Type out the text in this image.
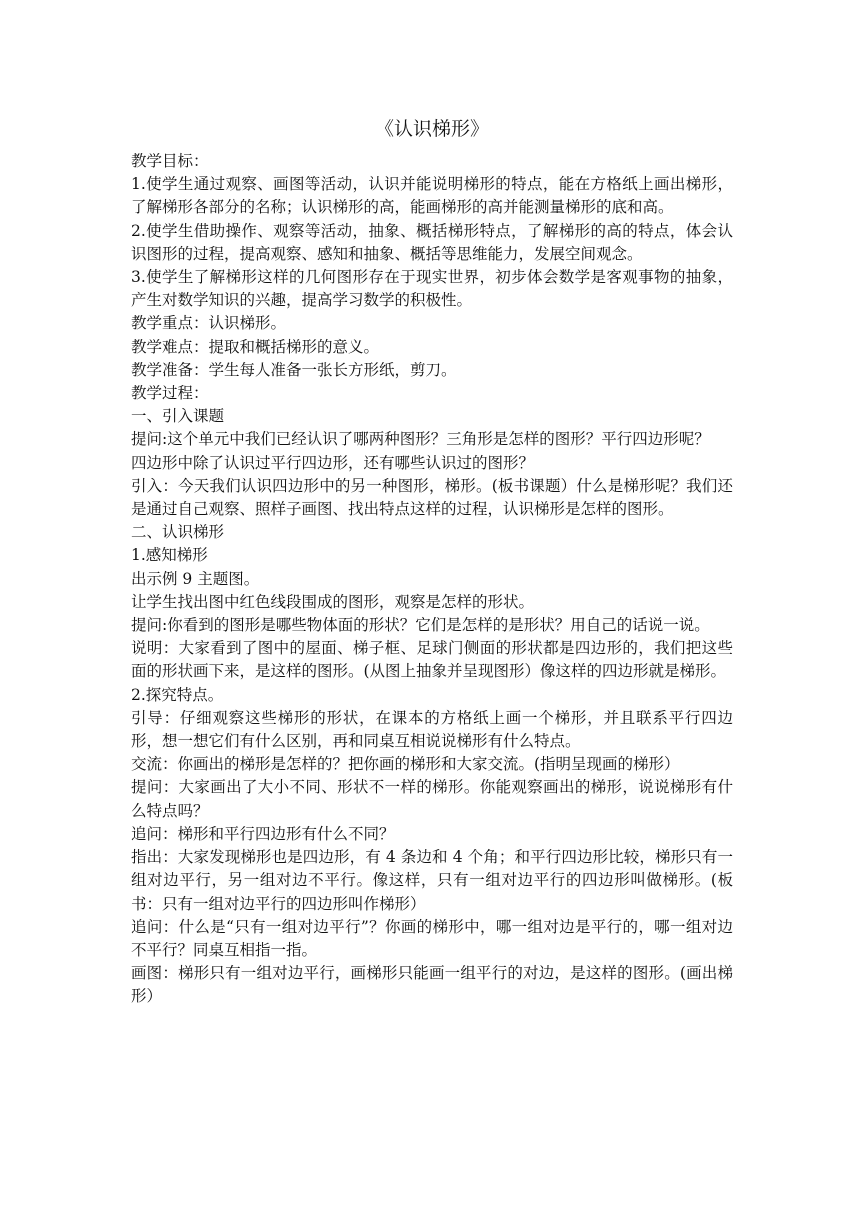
《认识梯形》

教学目标：

1.使学生通过观察、画图等活动，认识并能说明梯形的特点，能在方格纸上画出梯形，了解梯形各部分的名称；认识梯形的高，能画梯形的高并能测量梯形的底和高。

2.使学生借助操作、观察等活动，抽象、概括梯形特点，了解梯形的高的特点，体会认识图形的过程，提高观察、感知和抽象、概括等思维能力，发展空间观念。

3.使学生了解梯形这样的几何图形存在于现实世界，初步体会数学是客观事物的抽象，产生对数学知识的兴趣，提高学习数学的积极性。

教学重点：认识梯形。

教学难点：提取和概括梯形的意义。

教学准备：学生每人准备一张长方形纸，剪刀。

教学过程：

一、引入课题

提问:这个单元中我们已经认识了哪两种图形？三角形是怎样的图形？平行四边形呢？

四边形中除了认识过平行四边形，还有哪些认识过的图形？

引入：今天我们认识四边形中的另一种图形，梯形。(板书课题）什么是梯形呢？我们还是通过自己观察、照样子画图、找出特点这样的过程，认识梯形是怎样的图形。

二、认识梯形

1.感知梯形

出示例 9 主题图。

让学生找出图中红色线段围成的图形，观察是怎样的形状。

提问:你看到的图形是哪些物体面的形状？它们是怎样的是形状？用自己的话说一说。

说明：大家看到了图中的屋面、梯子框、足球门侧面的形状都是四边形的，我们把这些面的形状画下来，是这样的图形。(从图上抽象并呈现图形）像这样的四边形就是梯形。

2.探究特点。

引导：仔细观察这些梯形的形状，在课本的方格纸上画一个梯形，并且联系平行四边形，想一想它们有什么区别，再和同桌互相说说梯形有什么特点。

交流：你画出的梯形是怎样的？把你画的梯形和大家交流。(指明呈现画的梯形）

提问：大家画出了大小不同、形状不一样的梯形。你能观察画出的梯形，说说梯形有什么特点吗？

追问：梯形和平行四边形有什么不同？

指出：大家发现梯形也是四边形，有 4 条边和 4 个角；和平行四边形比较，梯形只有一组对边平行，另一组对边不平行。像这样，只有一组对边平行的四边形叫做梯形。(板书：只有一组对边平行的四边形叫作梯形）

追问：什么是“只有一组对边平行”？你画的梯形中，哪一组对边是平行的，哪一组对边不平行？同桌互相指一指。

画图：梯形只有一组对边平行，画梯形只能画一组平行的对边，是这样的图形。(画出梯形）
